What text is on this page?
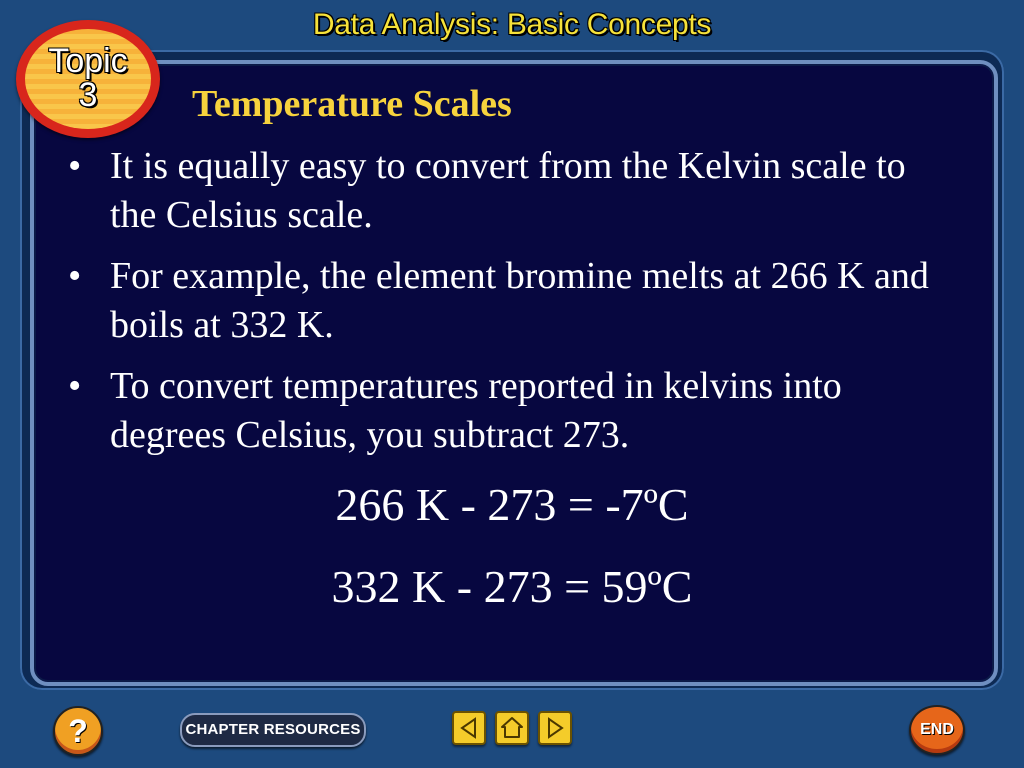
Data Analysis: Basic Concepts
Topic
3	Temperature Scales
• It is equally easy to convert from the Kelvin scale to the Celsius scale.
• For example, the element bromine melts at 266 K and boils at 332 K.
• To convert temperatures reported in kelvins into degrees Celsius, you subtract 273.
266 K - 273 = -7ºC
332 K - 273 = 59ºC
?	CHAPTER RESOURCES	END
